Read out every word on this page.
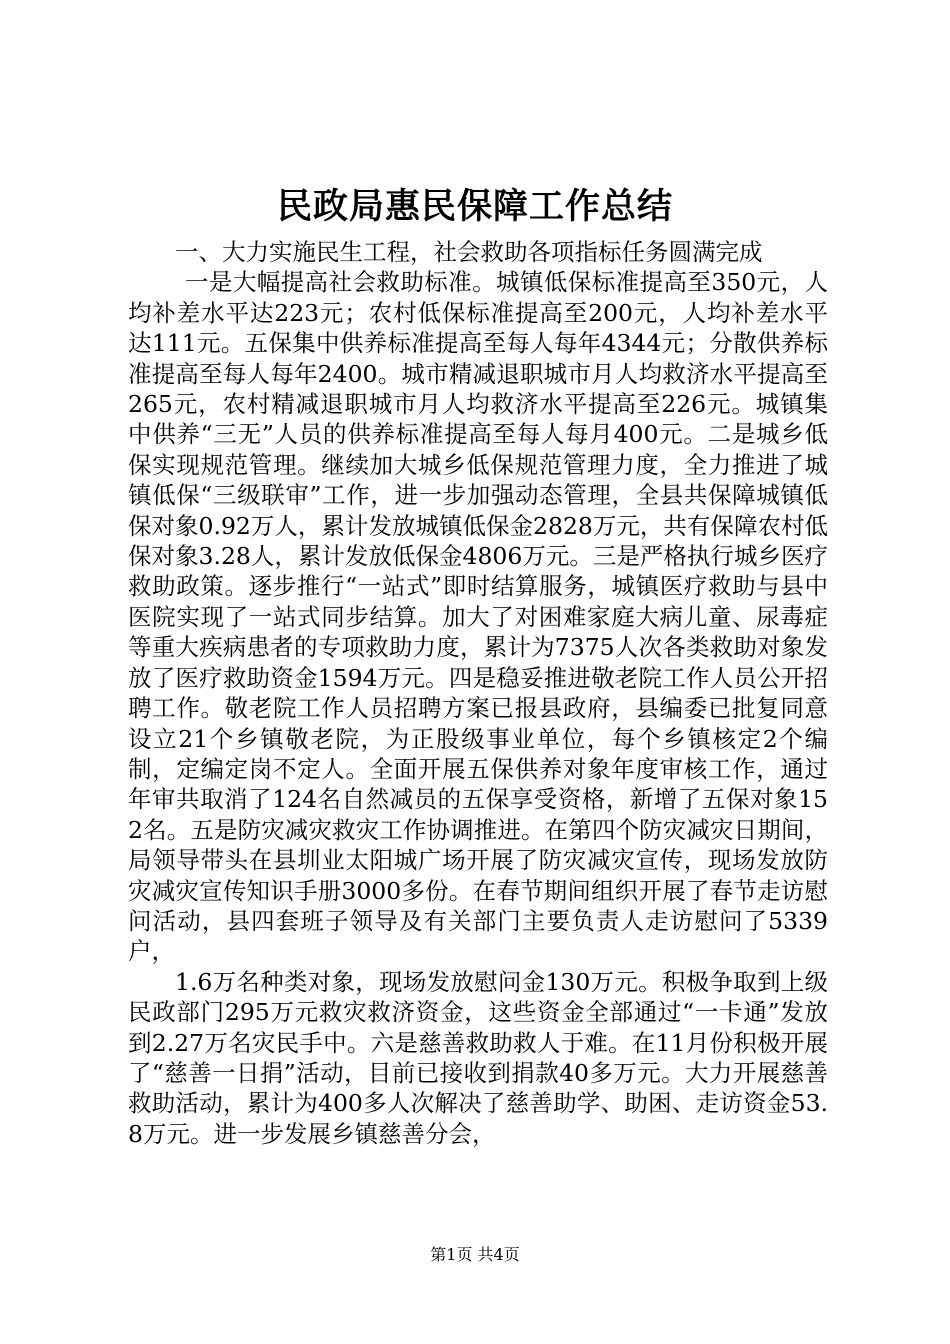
民政局惠民保障工作总结

一、大力实施民生工程，社会救助各项指标任务圆满完成

一是大幅提高社会救助标准。城镇低保标准提高至350元，人均补差水平达223元；农村低保标准提高至200元，人均补差水平达111元。五保集中供养标准提高至每人每年4344元；分散供养标准提高至每人每年2400。城市精减退职城市月人均救济水平提高至265元，农村精减退职城市月人均救济水平提高至226元。城镇集中供养“三无”人员的供养标准提高至每人每月400元。二是城乡低保实现规范管理。继续加大城乡低保规范管理力度，全力推进了城镇低保“三级联审”工作，进一步加强动态管理，全县共保障城镇低保对象0.92万人，累计发放城镇低保金2828万元，共有保障农村低保对象3.28人，累计发放低保金4806万元。三是严格执行城乡医疗救助政策。逐步推行“一站式”即时结算服务，城镇医疗救助与县中医院实现了一站式同步结算。加大了对困难家庭大病儿童、尿毒症等重大疾病患者的专项救助力度，累计为7375人次各类救助对象发放了医疗救助资金1594万元。四是稳妥推进敬老院工作人员公开招聘工作。敬老院工作人员招聘方案已报县政府，县编委已批复同意设立21个乡镇敬老院，为正股级事业单位，每个乡镇核定2个编制，定编定岗不定人。全面开展五保供养对象年度审核工作，通过年审共取消了124名自然减员的五保享受资格，新增了五保对象152名。五是防灾减灾救灾工作协调推进。在第四个防灾减灾日期间，局领导带头在县圳业太阳城广场开展了防灾减灾宣传，现场发放防灾减灾宣传知识手册3000多份。在春节期间组织开展了春节走访慰问活动，县四套班子领导及有关部门主要负责人走访慰问了5339户，

1.6万名种类对象，现场发放慰问金130万元。积极争取到上级民政部门295万元救灾救济资金，这些资金全部通过“一卡通”发放到2.27万名灾民手中。六是慈善救助救人于难。在11月份积极开展了“慈善一日捐”活动，目前已接收到捐款40多万元。大力开展慈善救助活动，累计为400多人次解决了慈善助学、助困、走访资金53.8万元。进一步发展乡镇慈善分会，

第1页 共4页
